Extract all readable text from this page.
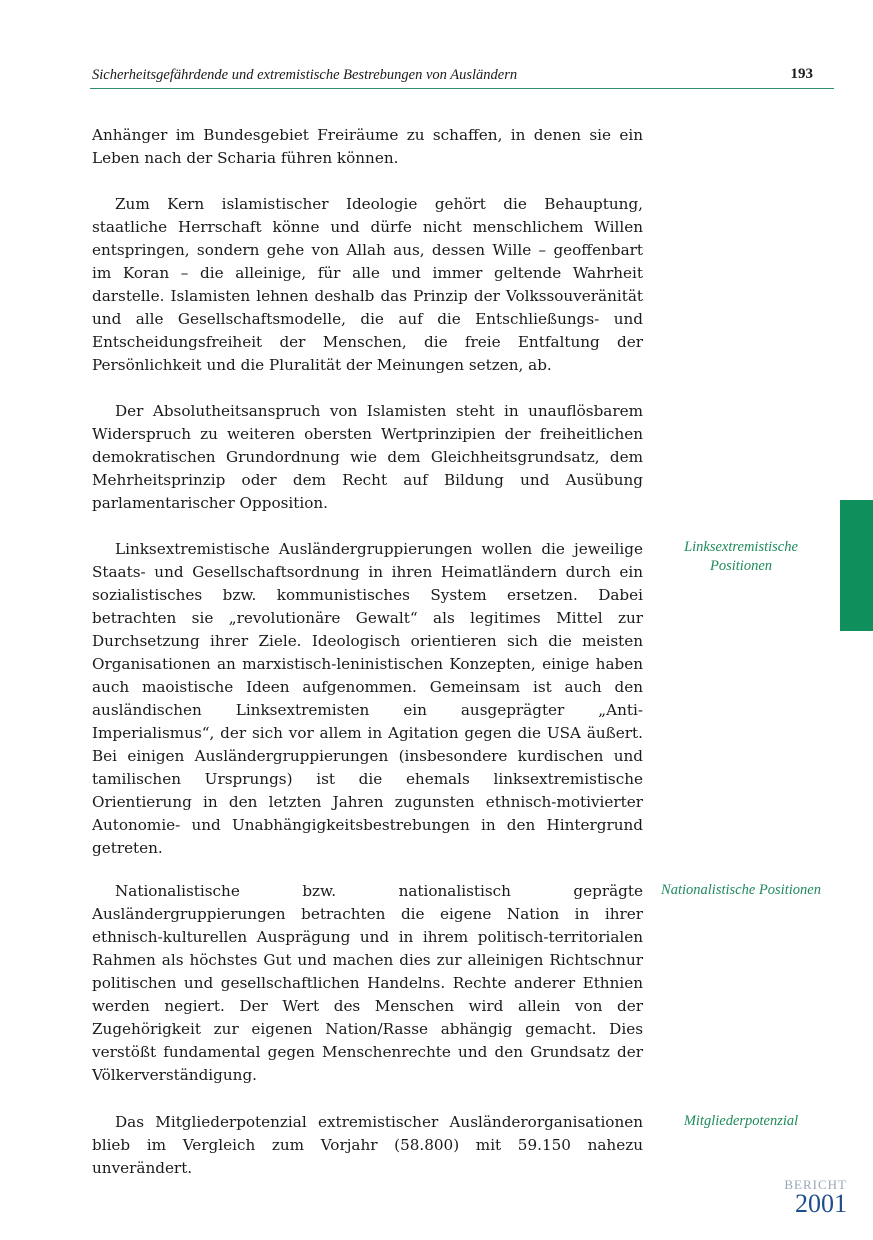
Sicherheitsgefährdende und extremistische Bestrebungen von Ausländern	193

Anhänger im Bundesgebiet Freiräume zu schaffen, in denen sie ein Leben nach der Scharia führen können.

Zum Kern islamistischer Ideologie gehört die Behauptung, staatliche Herrschaft könne und dürfe nicht menschlichem Willen entspringen, sondern gehe von Allah aus, dessen Wille – geoffenbart im Koran – die alleinige, für alle und immer geltende Wahrheit darstelle. Islamisten lehnen deshalb das Prinzip der Volkssouveränität und alle Gesellschaftsmodelle, die auf die Entschließungs- und Entscheidungsfreiheit der Menschen, die freie Entfaltung der Persönlichkeit und die Pluralität der Meinungen setzen, ab.

Der Absolutheitsanspruch von Islamisten steht in unauflösbarem Widerspruch zu weiteren obersten Wertprinzipien der freiheitlichen demokratischen Grundordnung wie dem Gleichheitsgrundsatz, dem Mehrheitsprinzip oder dem Recht auf Bildung und Ausübung parlamentarischer Opposition.

Linksextremistische Ausländergruppierungen wollen die jeweilige Staats- und Gesellschaftsordnung in ihren Heimatländern durch ein sozialistisches bzw. kommunistisches System ersetzen. Dabei betrachten sie „revolutionäre Gewalt“ als legitimes Mittel zur Durchsetzung ihrer Ziele. Ideologisch orientieren sich die meisten Organisationen an marxistisch-leninistischen Konzepten, einige haben auch maoistische Ideen aufgenommen. Gemeinsam ist auch den ausländischen Linksextremisten ein ausgeprägter „Anti-Imperialismus“, der sich vor allem in Agitation gegen die USA äußert. Bei einigen Ausländergruppierungen (insbesondere kurdischen und tamilischen Ursprungs) ist die ehemals linksextremistische Orientierung in den letzten Jahren zugunsten ethnisch-motivierter Autonomie- und Unabhängigkeitsbestrebungen in den Hintergrund getreten.

Nationalistische bzw. nationalistisch geprägte Ausländergruppierungen betrachten die eigene Nation in ihrer ethnisch-kulturellen Ausprägung und in ihrem politisch-territorialen Rahmen als höchstes Gut und machen dies zur alleinigen Richtschnur politischen und gesellschaftlichen Handelns. Rechte anderer Ethnien werden negiert. Der Wert des Menschen wird allein von der Zugehörigkeit zur eigenen Nation/Rasse abhängig gemacht. Dies verstößt fundamental gegen Menschenrechte und den Grundsatz der Völkerverständigung.

Das Mitgliederpotenzial extremistischer Ausländerorganisationen blieb im Vergleich zum Vorjahr (58.800) mit 59.150 nahezu unverändert.

Linksextremistische Positionen
Nationalistische Positionen
Mitgliederpotenzial
BERICHT
2001
